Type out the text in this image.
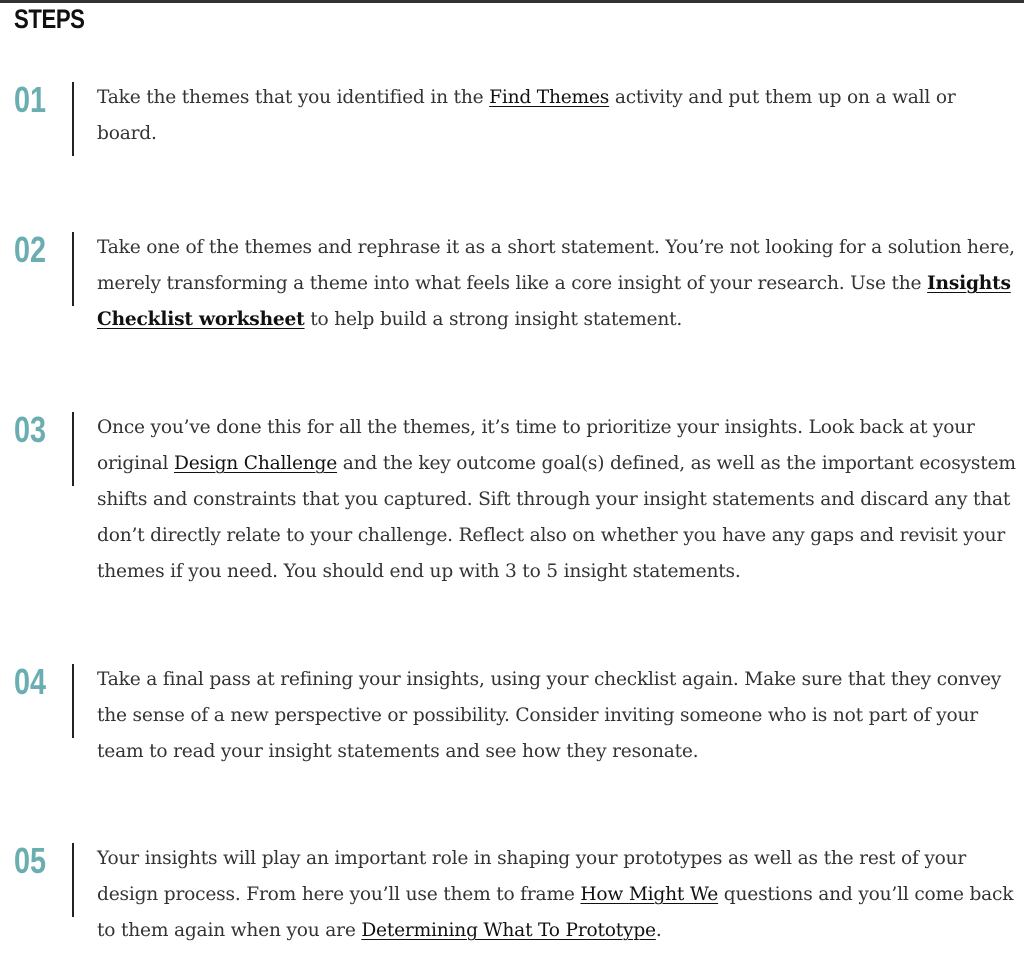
STEPS
01	Take the themes that you identified in the Find Themes activity and put them up on a wall or board.

02	Take one of the themes and rephrase it as a short statement. You’re not looking for a solution here, merely transforming a theme into what feels like a core insight of your research. Use the Insights Checklist worksheet to help build a strong insight statement.

03	Once you’ve done this for all the themes, it’s time to prioritize your insights. Look back at your original Design Challenge and the key outcome goal(s) defined, as well as the important ecosystem shifts and constraints that you captured. Sift through your insight statements and discard any that don’t directly relate to your challenge. Reflect also on whether you have any gaps and revisit your themes if you need. You should end up with 3 to 5 insight statements.

04	Take a final pass at refining your insights, using your checklist again. Make sure that they convey the sense of a new perspective or possibility. Consider inviting someone who is not part of your team to read your insight statements and see how they resonate.

05	Your insights will play an important role in shaping your prototypes as well as the rest of your design process. From here you’ll use them to frame How Might We questions and you’ll come back to them again when you are Determining What To Prototype.
